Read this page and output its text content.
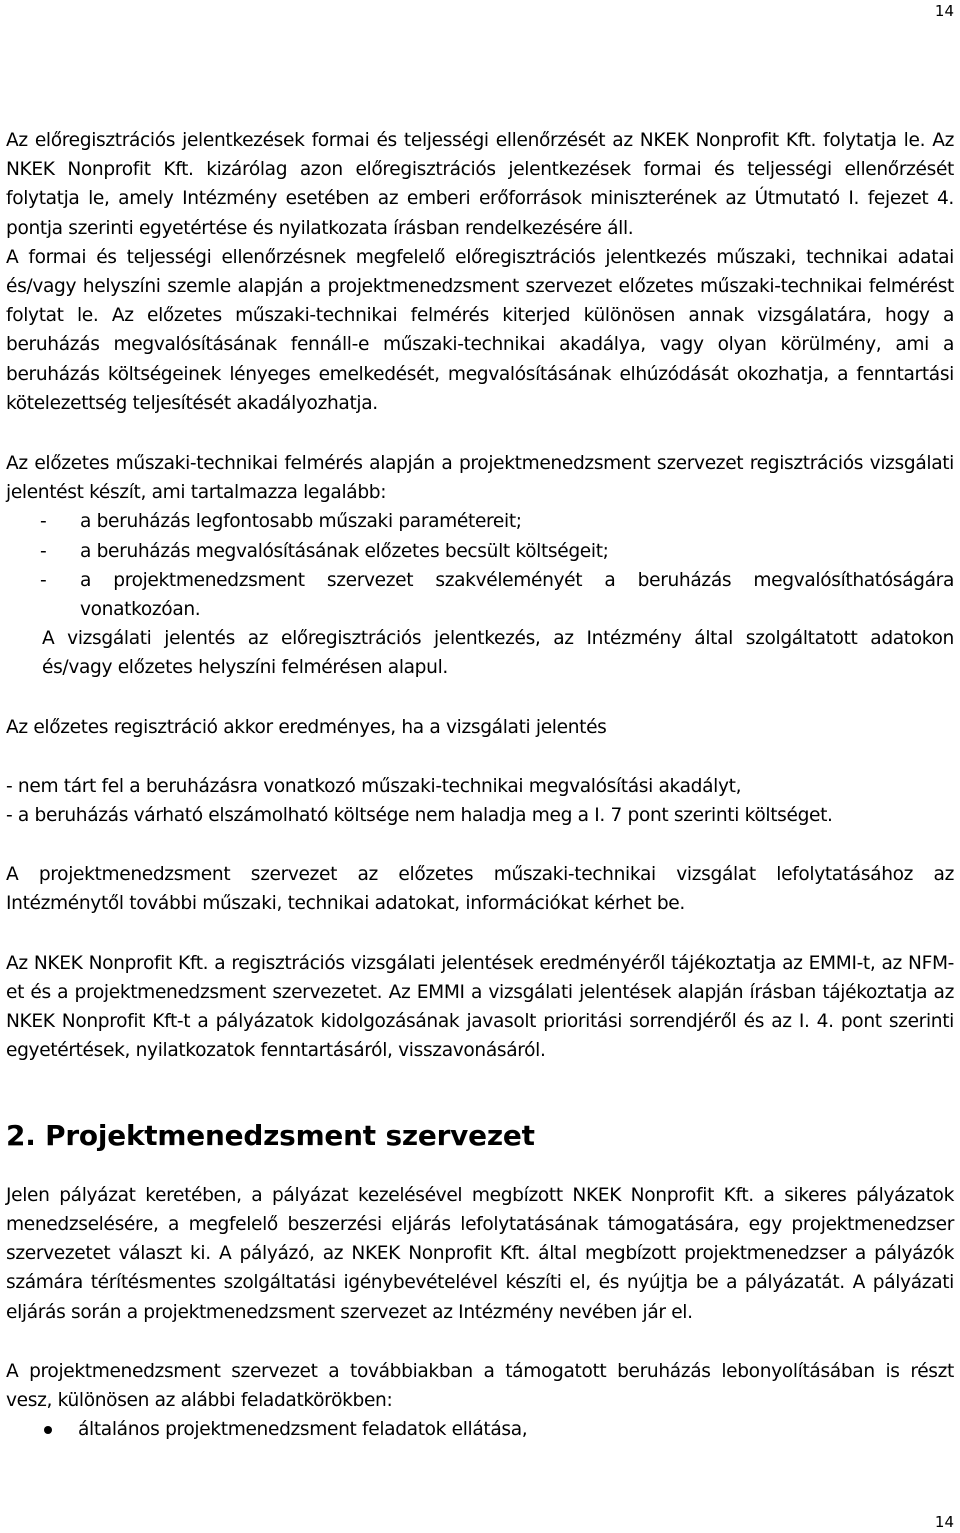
14

Az előregisztrációs jelentkezések formai és teljességi ellenőrzését az NKEK Nonprofit Kft. folytatja le. Az NKEK Nonprofit Kft. kizárólag azon előregisztrációs jelentkezések formai és teljességi ellenőrzését folytatja le, amely Intézmény esetében az emberi erőforrások miniszterének az Útmutató I. fejezet 4. pontja szerinti egyetértése és nyilatkozata írásban rendelkezésére áll.

A formai és teljességi ellenőrzésnek megfelelő előregisztrációs jelentkezés műszaki, technikai adatai és/vagy helyszíni szemle alapján a projektmenedzsment szervezet előzetes műszaki-technikai felmérést folytat le. Az előzetes műszaki-technikai felmérés kiterjed különösen annak vizsgálatára, hogy a beruházás megvalósításának fennáll-e műszaki-technikai akadálya, vagy olyan körülmény, ami a beruházás költségeinek lényeges emelkedését, megvalósításának elhúzódását okozhatja, a fenntartási kötelezettség teljesítését akadályozhatja.

Az előzetes műszaki-technikai felmérés alapján a projektmenedzsment szervezet regisztrációs vizsgálati jelentést készít, ami tartalmazza legalább:

- a beruházás legfontosabb műszaki paramétereit;
- a beruházás megvalósításának előzetes becsült költségeit;
- a projektmenedzsment szervezet szakvéleményét a beruházás megvalósíthatóságára vonatkozóan.

A vizsgálati jelentés az előregisztrációs jelentkezés, az Intézmény által szolgáltatott adatokon és/vagy előzetes helyszíni felmérésen alapul.

Az előzetes regisztráció akkor eredményes, ha a vizsgálati jelentés

- nem tárt fel a beruházásra vonatkozó műszaki-technikai megvalósítási akadályt,

- a beruházás várható elszámolható költsége nem haladja meg a I. 7 pont szerinti költséget.

A projektmenedzsment szervezet az előzetes műszaki-technikai vizsgálat lefolytatásához az Intézménytől további műszaki, technikai adatokat, információkat kérhet be.

Az NKEK Nonprofit Kft. a regisztrációs vizsgálati jelentések eredményéről tájékoztatja az EMMI-t, az NFM-et és a projektmenedzsment szervezetet. Az EMMI a vizsgálati jelentések alapján írásban tájékoztatja az NKEK Nonprofit Kft-t a pályázatok kidolgozásának javasolt prioritási sorrendjéről és az I. 4. pont szerinti egyetértések, nyilatkozatok fenntartásáról, visszavonásáról.

2. Projektmenedzsment szervezet

Jelen pályázat keretében, a pályázat kezelésével megbízott NKEK Nonprofit Kft. a sikeres pályázatok menedzselésére, a megfelelő beszerzési eljárás lefolytatásának támogatására, egy projektmenedzser szervezetet választ ki. A pályázó, az NKEK Nonprofit Kft. által megbízott projektmenedzser a pályázók számára térítésmentes szolgáltatási igénybevételével készíti el, és nyújtja be a pályázatát. A pályázati eljárás során a projektmenedzsment szervezet az Intézmény nevében jár el.

A projektmenedzsment szervezet a továbbiakban a támogatott beruházás lebonyolításában is részt vesz, különösen az alábbi feladatkörökben:

általános projektmenedzsment feladatok ellátása,
14
